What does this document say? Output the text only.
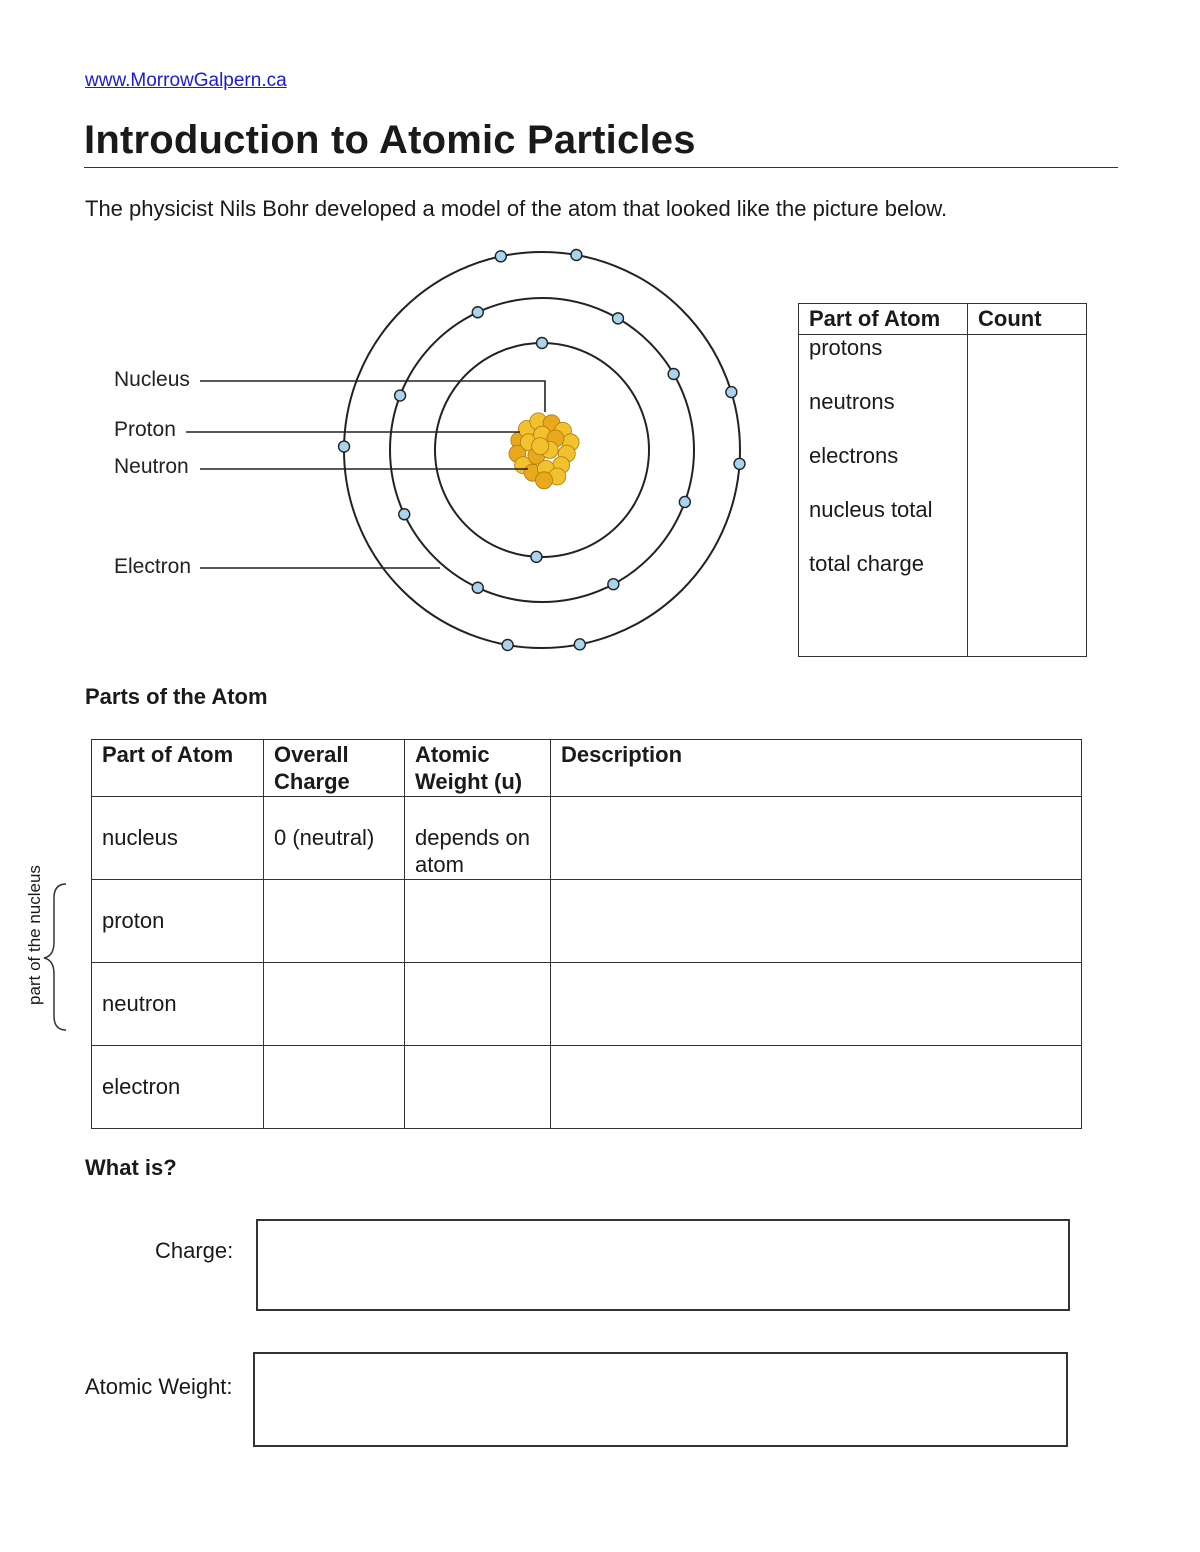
www.MorrowGalpern.ca
Introduction to Atomic Particles
The physicist Nils Bohr developed a model of the atom that looked like the picture below.
Nucleus
Proton
Neutron
Electron
Part of Atom	Count

protons
neutrons
electrons
nucleus total
total charge	

Parts of the Atom
Part of Atom	Overall Charge	Atomic Weight (u)	Description
nucleus	0 (neutral)	depends on atom	
proton			
neutron			
electron			
part of the nucleus
What is?
Charge:
Atomic Weight:
